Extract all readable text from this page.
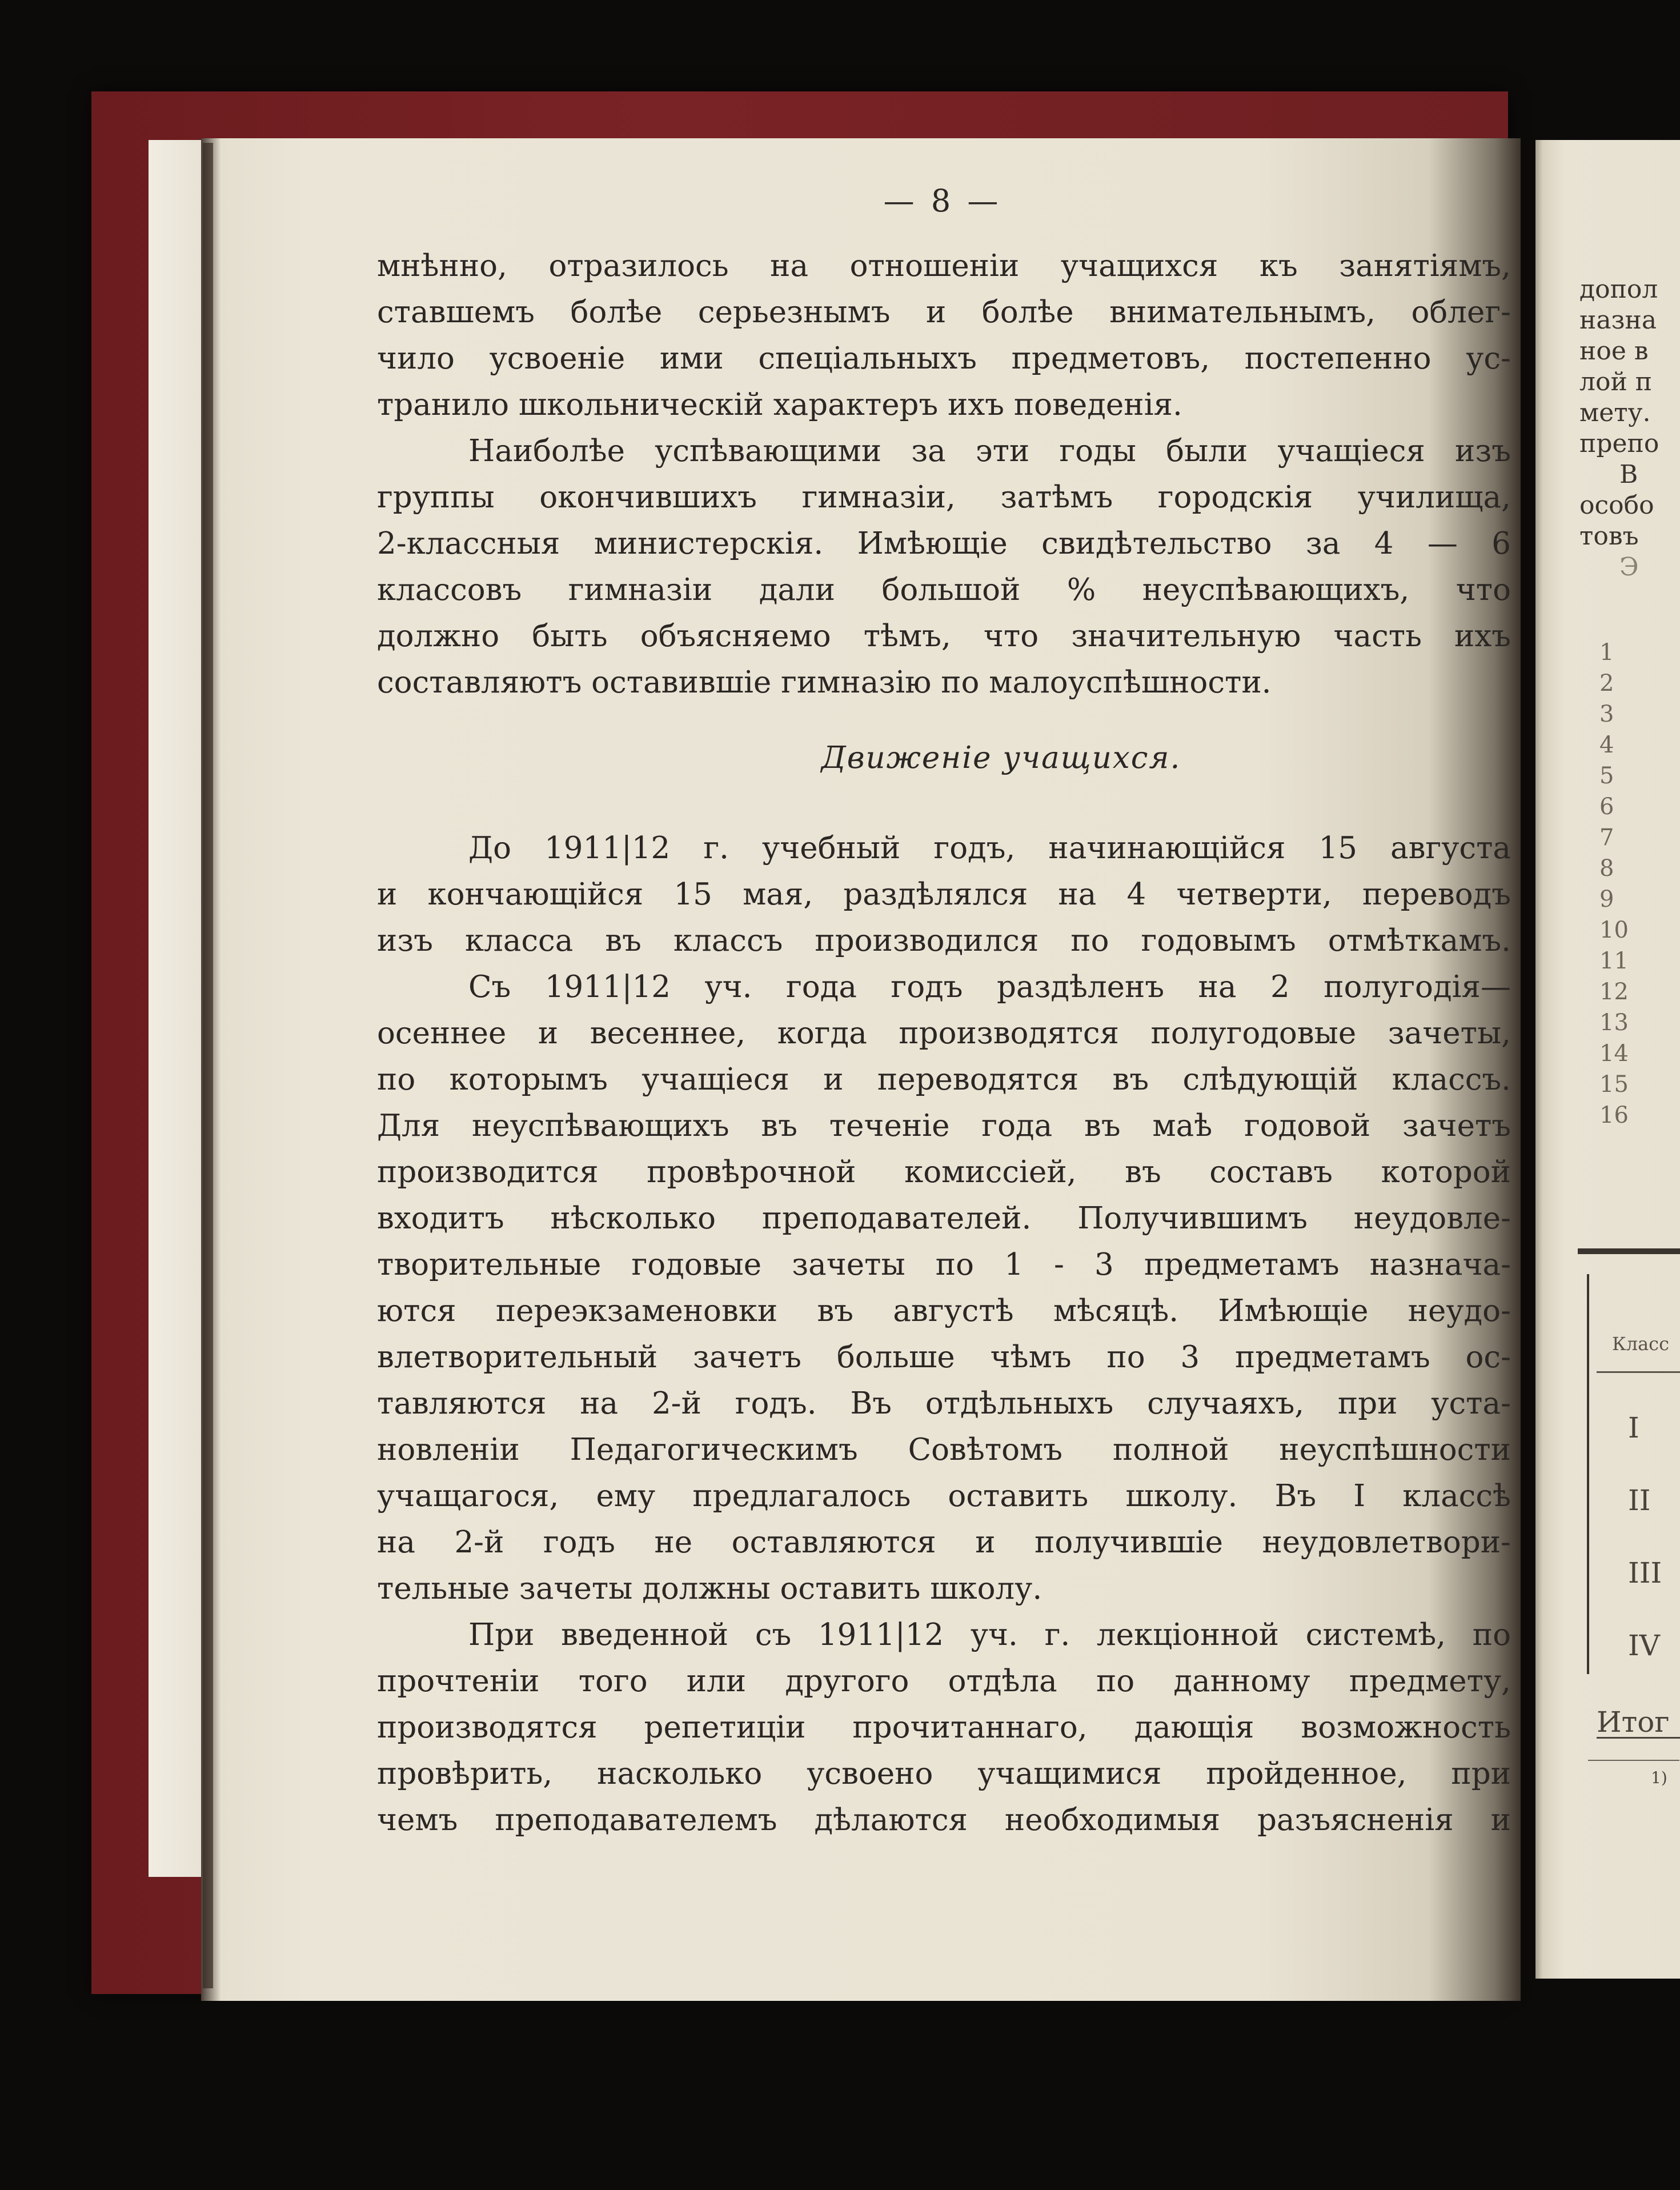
— 8 —
мнѣнно, отразилось на отношенiи учащихся къ занятiямъ,
ставшемъ болѣе серьезнымъ и болѣе внимательнымъ, облег-
чило усвоенiе ими спецiальныхъ предметовъ, постепенно ус-
транило школьническiй характеръ ихъ поведенiя.
Наиболѣе успѣвающими за эти годы были учащiеся изъ
группы окончившихъ гимназiи, затѣмъ городскiя училища,
2-классныя министерскiя. Имѣющiе свидѣтельство за 4 — 6
классовъ гимназiи дали большой % неуспѣвающихъ, что
должно быть объясняемо тѣмъ, что значительную часть ихъ
составляютъ оставившiе гимназiю по малоуспѣшности.
Движенiе учащихся.
До 1911|12 г. учебный годъ, начинающiйся 15 августа
и кончающiйся 15 мая, раздѣлялся на 4 четверти, переводъ
изъ класса въ классъ производился по годовымъ отмѣткамъ.
Съ 1911|12 уч. года годъ раздѣленъ на 2 полугодiя—
осеннее и весеннее, когда производятся полугодовые зачеты,
по которымъ учащiеся и переводятся въ слѣдующiй классъ.
Для неуспѣвающихъ въ теченiе года въ маѣ годовой зачетъ
производится провѣрочной комиссiей, въ составъ которой
входитъ нѣсколько преподавателей. Получившимъ неудовле-
творительные годовые зачеты по 1 - 3 предметамъ назнача-
ются переэкзаменовки въ августѣ мѣсяцѣ. Имѣющiе неудо-
влетворительный зачетъ больше чѣмъ по 3 предметамъ ос-
тавляются на 2-й годъ. Въ отдѣльныхъ случаяхъ, при уста-
новленiи Педагогическимъ Совѣтомъ полной неуспѣшности
учащагося, ему предлагалось оставить школу. Въ I классѣ
на 2-й годъ не оставляются и получившiе неудовлетвори-
тельные зачеты должны оставить школу.
При введенной съ 1911|12 уч. г. лекцiонной системѣ, по
прочтенiи того или другого отдѣла по данному предмету,
производятся репетицiи прочитаннаго, дающiя возможность
провѣрить, насколько усвоено учащимися пройденное, при
чемъ преподавателемъ дѣлаются необходимыя разъясненiя и
допол
назна
ное в
лой п
мету.
препо
В
особо
товъ
Э
1
2
3
4
5
6
7
8
9
10
11
12
13
14
15
16
Класс
I
II
III
IV
Итог
1)
